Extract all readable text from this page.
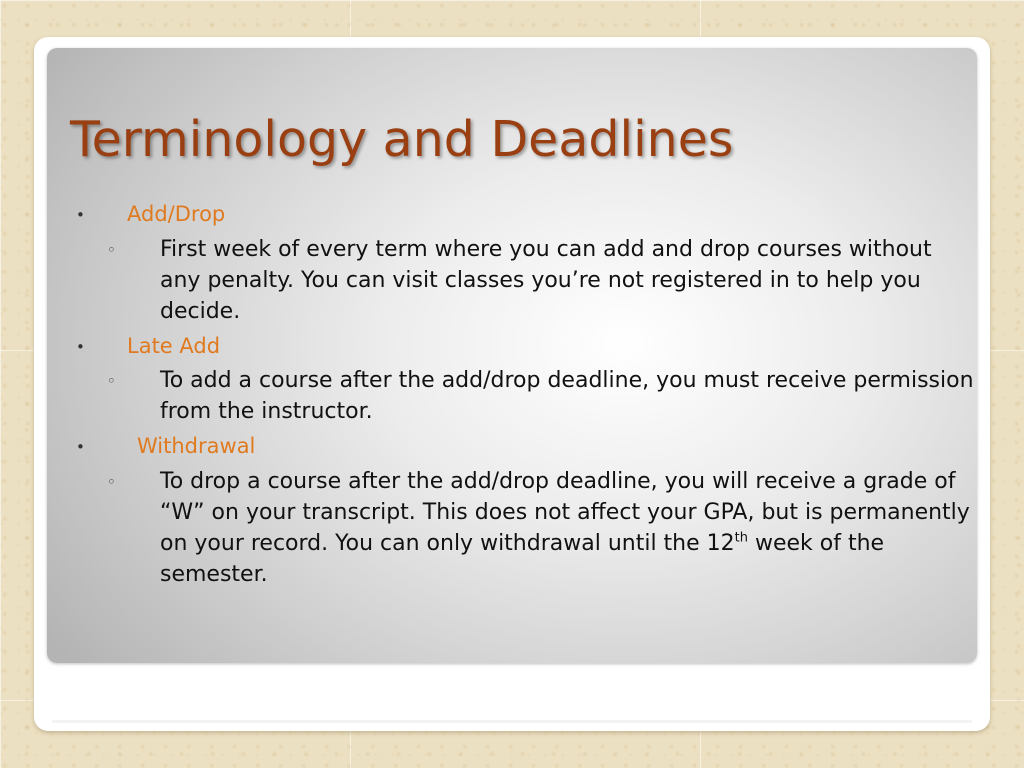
Terminology and Deadlines
• Add/Drop
◦ First week of every term where you can add and drop courses without any penalty. You can visit classes you’re not registered in to help you decide.

• Late Add
◦ To add a course after the add/drop deadline, you must receive permission from the instructor.

• Withdrawal
◦ To drop a course after the add/drop deadline, you will receive a grade of “W” on your transcript. This does not affect your GPA, but is permanently on your record. You can only withdrawal until the 12th week of the semester.
